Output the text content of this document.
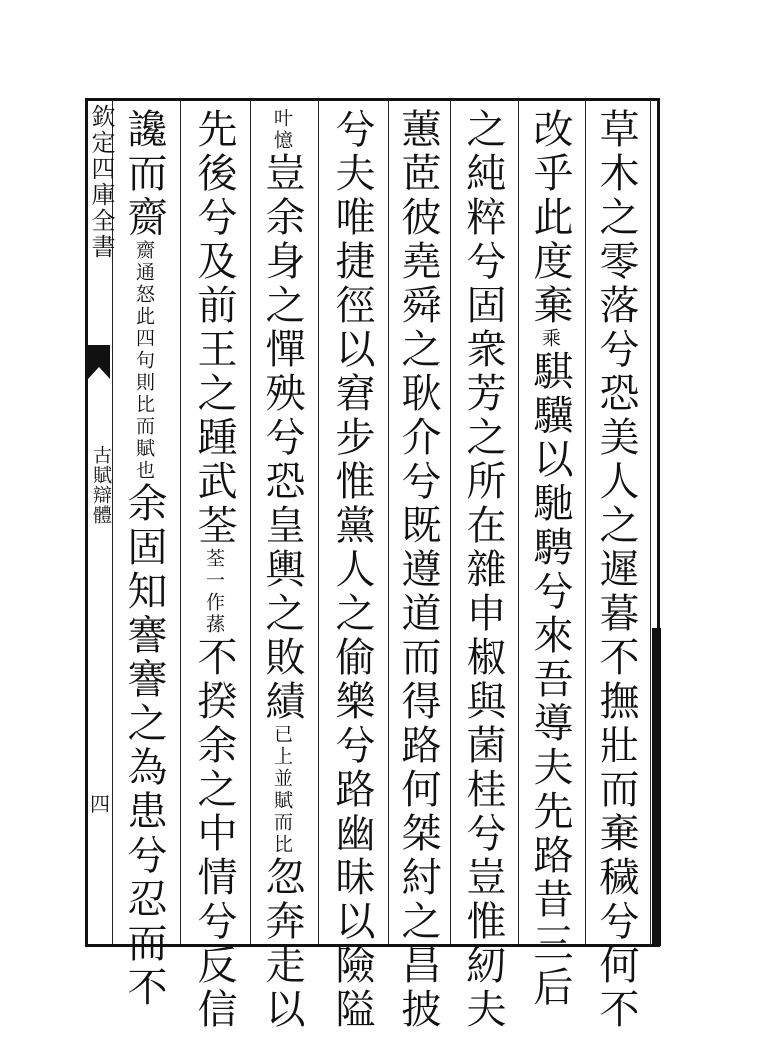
欽定四庫全書
古賦辯體
四	草木之零落兮恐美人之遲暮不撫壯而棄穢兮何不
改乎此度棄乘騏驥以馳騁兮來吾導夫先路昔三后
之純粹兮固衆芳之所在雜申椒與菌桂兮豈惟紉夫
蕙茝彼堯舜之耿介兮既遵道而得路何桀紂之昌披
兮夫唯捷徑以窘步惟黨人之偷樂兮路幽昧以險隘
叶憶豈余身之憚殃兮恐皇輿之敗績已上並賦而比忽奔走以
先後兮及前王之踵武荃荃一作蓀不揆余之中情兮反信
讒而齌齌通怒此四句則比而賦也余固知謇謇之為患兮忍而不
